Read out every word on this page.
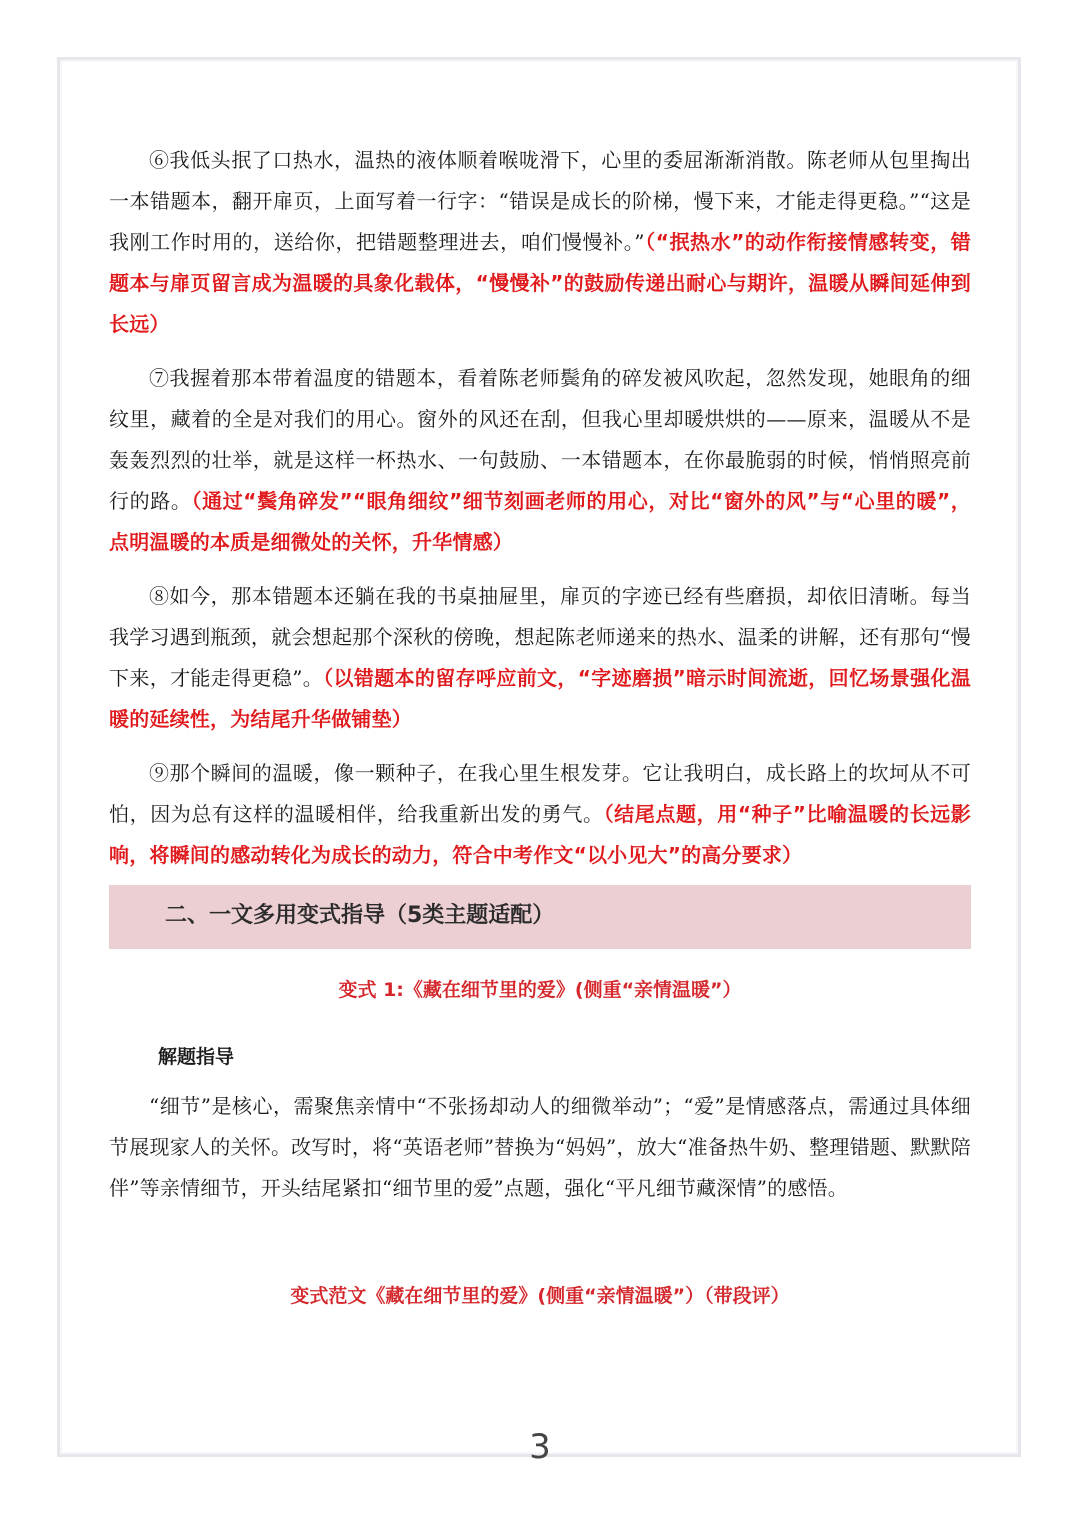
⑥我低头抿了口热水，温热的液体顺着喉咙滑下，心里的委屈渐渐消散。陈老师从包里掏出一本错题本，翻开扉页，上面写着一行字：“错误是成长的阶梯，慢下来，才能走得更稳。”“这是我刚工作时用的，送给你，把错题整理进去，咱们慢慢补。”（“抿热水”的动作衔接情感转变，错题本与扉页留言成为温暖的具象化载体，“慢慢补”的鼓励传递出耐心与期许，温暖从瞬间延伸到长远）

⑦我握着那本带着温度的错题本，看着陈老师鬓角的碎发被风吹起，忽然发现，她眼角的细纹里，藏着的全是对我们的用心。窗外的风还在刮，但我心里却暖烘烘的——原来，温暖从不是轰轰烈烈的壮举，就是这样一杯热水、一句鼓励、一本错题本，在你最脆弱的时候，悄悄照亮前行的路。（通过“鬓角碎发”“眼角细纹”细节刻画老师的用心，对比“窗外的风”与“心里的暖”，点明温暖的本质是细微处的关怀，升华情感）

⑧如今，那本错题本还躺在我的书桌抽屉里，扉页的字迹已经有些磨损，却依旧清晰。每当我学习遇到瓶颈，就会想起那个深秋的傍晚，想起陈老师递来的热水、温柔的讲解，还有那句“慢下来，才能走得更稳”。（以错题本的留存呼应前文，“字迹磨损”暗示时间流逝，回忆场景强化温暖的延续性，为结尾升华做铺垫）

⑨那个瞬间的温暖，像一颗种子，在我心里生根发芽。它让我明白，成长路上的坎坷从不可怕，因为总有这样的温暖相伴，给我重新出发的勇气。（结尾点题，用“种子”比喻温暖的长远影响，将瞬间的感动转化为成长的动力，符合中考作文“以小见大”的高分要求）

二、一文多用变式指导（5类主题适配）
变式 1:《藏在细节里的爱》(侧重“亲情温暖”）
解题指导

“细节”是核心，需聚焦亲情中“不张扬却动人的细微举动”；“爱”是情感落点，需通过具体细节展现家人的关怀。改写时，将“英语老师”替换为“妈妈”，放大“准备热牛奶、整理错题、默默陪伴”等亲情细节，开头结尾紧扣“细节里的爱”点题，强化“平凡细节藏深情”的感悟。

变式范文《藏在细节里的爱》(侧重“亲情温暖”）（带段评）
3
